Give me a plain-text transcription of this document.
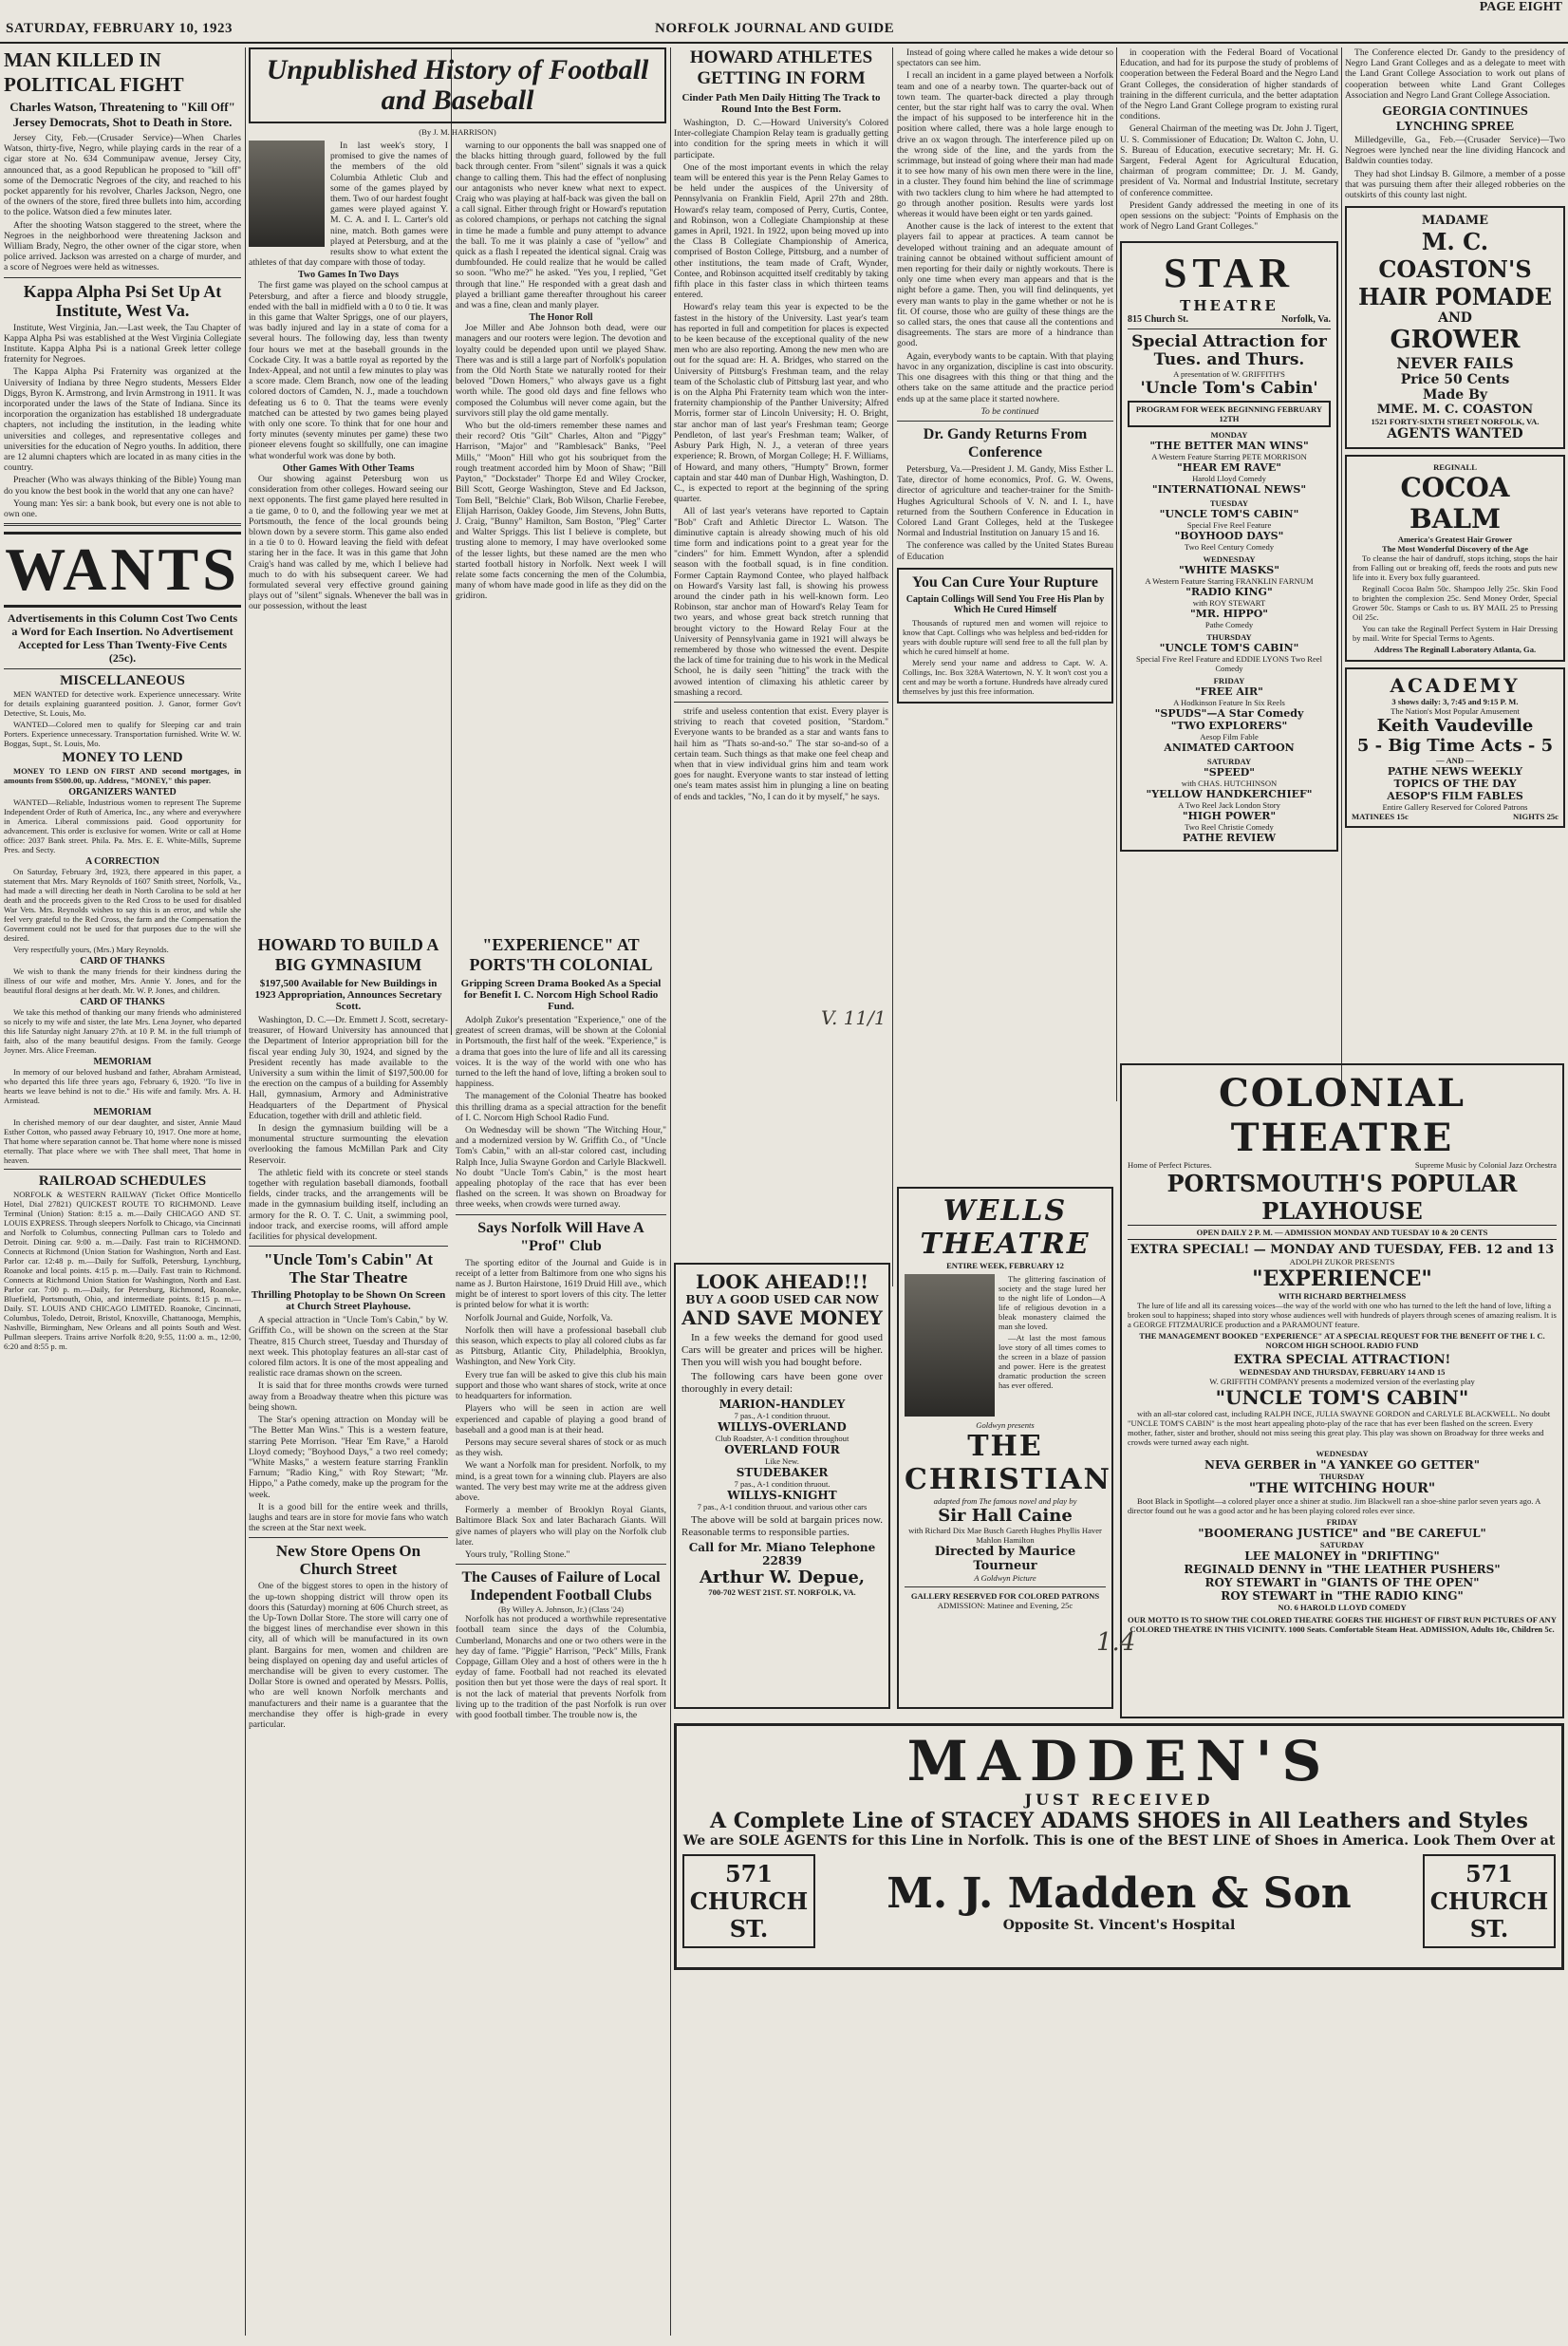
SATURDAY, FEBRUARY 10, 1923	NORFOLK JOURNAL AND GUIDE
PAGE EIGHT
MAN KILLED IN POLITICAL FIGHT
Charles Watson, Threatening to "Kill Off" Jersey Democrats, Shot to Death in Store.

Jersey City, Feb.—(Crusader Service)—When Charles Watson, thirty-five, Negro, while playing cards in the rear of a cigar store at No. 634 Communipaw avenue, Jersey City, announced that, as a good Republican he proposed to "kill off" some of the Democratic Negroes of the city, and reached to his pocket apparently for his revolver, Charles Jackson, Negro, one of the owners of the store, fired three bullets into him, according to the police. Watson died a few minutes later.

After the shooting Watson staggered to the street, where the Negroes in the neighborhood were threatening Jackson and William Brady, Negro, the other owner of the cigar store, when police arrived. Jackson was arrested on a charge of murder, and a score of Negroes were held as witnesses.

Kappa Alpha Psi Set Up At Institute, West Va.

Institute, West Virginia, Jan.—Last week, the Tau Chapter of Kappa Alpha Psi was established at the West Virginia Collegiate Institute. Kappa Alpha Psi is a national Greek letter college fraternity for Negroes.

The Kappa Alpha Psi Fraternity was organized at the University of Indiana by three Negro students, Messers Elder Diggs, Byron K. Armstrong, and Irvin Armstrong in 1911. It was incorporated under the laws of the State of Indiana. Since its incorporation the organization has established 18 undergraduate chapters, not including the institution, in the leading white universities and colleges, and representative colleges and universities for the education of Negro youths. In addition, there are 12 alumni chapters which are located in as many cities in the country.

Preacher (Who was always thinking of the Bible) Young man do you know the best book in the world that any one can have?

Young man: Yes sir: a bank book, but every one is not able to own one.

WANTS
Advertisements in this Column Cost Two Cents a Word for Each Insertion. No Advertisement Accepted for Less Than Twenty-Five Cents (25c).
MISCELLANEOUS

MEN WANTED for detective work. Experience unnecessary. Write for details explaining guaranteed position. J. Ganor, former Gov't Detective, St. Louis, Mo.

WANTED—Colored men to qualify for Sleeping car and train Porters. Experience unnecessary. Transportation furnished. Write W. W. Boggas, Supt., St. Louis, Mo.

MONEY TO LEND

MONEY TO LEND ON FIRST AND second mortgages, in amounts from $500.00, up. Address, "MONEY," this paper.

ORGANIZERS WANTED

WANTED—Reliable, Industrious women to represent The Supreme Independent Order of Ruth of America, Inc., any where and everywhere in America. Liberal commissions paid. Good opportunity for advancement. This order is exclusive for women. Write or call at Home office: 2037 Bank street. Phila. Pa. Mrs. E. E. White-Mills, Supreme Pres. and Secty.

A CORRECTION

On Saturday, February 3rd, 1923, there appeared in this paper, a statement that Mrs. Mary Reynolds of 1607 Smith street, Norfolk, Va., had made a will directing her death in North Carolina to be sold at her death and the proceeds given to the Red Cross to be used for disabled War Vets. Mrs. Reynolds wishes to say this is an error, and while she feel very grateful to the Red Cross, the farm and the Compensation the Government could not be used for that purposes due to the will she desired.

Very respectfully yours, (Mrs.) Mary Reynolds.

CARD OF THANKS

We wish to thank the many friends for their kindness during the illness of our wife and mother, Mrs. Annie Y. Jones, and for the beautiful floral designs at her death. Mr. W. P. Jones, and children.

CARD OF THANKS

We take this method of thanking our many friends who administered so nicely to my wife and sister, the late Mrs. Lena Joyner, who departed this life Saturday night January 27th. at 10 P. M. in the full triumph of faith, also of the many beautiful designs. From the family. George Joyner. Mrs. Alice Freeman.

MEMORIAM

In memory of our beloved husband and father, Abraham Armistead, who departed this life three years ago, February 6, 1920. "To live in hearts we leave behind is not to die." His wife and family. Mrs. A. H. Armistead.

MEMORIAM

In cherished memory of our dear daughter, and sister, Annie Maud Esther Cotton, who passed away February 10, 1917. One more at home, That home where separation cannot be. That home where none is missed eternally. That place where we with Thee shall meet, That home in heaven.

RAILROAD SCHEDULES

NORFOLK & WESTERN RAILWAY (Ticket Office Monticello Hotel, Dial 27821) QUICKEST ROUTE TO RICHMOND. Leave Terminal (Union) Station: 8:15 a. m.—Daily CHICAGO AND ST. LOUIS EXPRESS. Through sleepers Norfolk to Chicago, via Cincinnati and Norfolk to Columbus, connecting Pullman cars to Toledo and Detroit. Dining car. 9:00 a. m.—Daily. Fast train to RICHMOND. Connects at Richmond (Union Station for Washington, North and East. Parlor car. 12:48 p. m.—Daily for Suffolk, Petersburg, Lynchburg, Roanoke and local points. 4:15 p. m.—Daily. Fast train to Richmond. Connects at Richmond Union Station for Washington, North and East. Parlor car. 7:00 p. m.—Daily, for Petersburg, Richmond, Roanoke, Bluefield, Portsmouth, Ohio, and intermediate points. 8:15 p. m.—Daily. ST. LOUIS AND CHICAGO LIMITED. Roanoke, Cincinnati, Columbus, Toledo, Detroit, Bristol, Knoxville, Chattanooga, Memphis, Nashville, Birmingham, New Orleans and all points South and West. Pullman sleepers. Trains arrive Norfolk 8:20, 9:55, 11:00 a. m., 12:00, 6:20 and 8:55 p. m.

Unpublished History of Football and Baseball
(By J. M. HARRISON)

In last week's story, I promised to give the names of the members of the old Columbia Athletic Club and some of the games played by them. Two of our hardest fought games were played against Y. M. C. A. and I. L. Carter's old nine, match. Both games were played at Petersburg, and at the results show to what extent the athletes of that day compare with those of today.

Two Games In Two Days

The first game was played on the school campus at Petersburg, and after a fierce and bloody struggle, ended with the ball in midfield with a 0 to 0 tie. It was in this game that Walter Spriggs, one of our players, was badly injured and lay in a state of coma for a several hours. The following day, less than twenty four hours we met at the baseball grounds in the Cockade City. It was a battle royal as reported by the Index-Appeal, and not until a few minutes to play was a score made. Clem Branch, now one of the leading colored doctors of Camden, N. J., made a touchdown defeating us 6 to 0. That the teams were evenly matched can be attested by two games being played with only one score. To think that for one hour and forty minutes (seventy minutes per game) these two pioneer elevens fought so skillfully, one can imagine what wonderful work was done by both.

Other Games With Other Teams

Our showing against Petersburg won us consideration from other colleges. Howard seeing our next opponents. The first game played here resulted in a tie game, 0 to 0, and the following year we met at Portsmouth, the fence of the local grounds being blown down by a severe storm. This game also ended in a tie 0 to 0. Howard leaving the field with defeat staring her in the face. It was in this game that John Craig's hand was called by me, which I believe had much to do with his subsequent career. We had formulated several very effective ground gaining plays out of "silent" signals. Whenever the ball was in our possession, without the least

warning to our opponents the ball was snapped one of the blacks hitting through guard, followed by the full back through center. From "silent" signals it was a quick change to calling them. This had the effect of nonplusing our antagonists who never knew what next to expect. Craig who was playing at half-back was given the ball on a call signal. Either through fright or Howard's reputation as colored champions, or perhaps not catching the signal in time he made a fumble and puny attempt to advance the ball. To me it was plainly a case of "yellow" and quick as a flash I repeated the identical signal. Craig was dumbfounded. He could realize that he would be called so soon. "Who me?" he asked. "Yes you, I replied, "Get through that line." He responded with a great dash and played a brilliant game thereafter throughout his career and was a fine, clean and manly player.

The Honor Roll

Joe Miller and Abe Johnson both dead, were our managers and our rooters were legion. The devotion and loyalty could be depended upon until we played Shaw. There was and is still a large part of Norfolk's population from the Old North State we naturally rooted for their beloved "Down Homers," who always gave us a fight worth while. The good old days and fine fellows who composed the Columbus will never come again, but the survivors still play the old game mentally.

Who but the old-timers remember these names and their record? Otis "Gilt" Charles, Alton and "Piggy" Harrison, "Major" and "Ramblesack" Banks, "Peel Mills," "Moon" Hill who got his soubriquet from the rough treatment accorded him by Moon of Shaw; "Bill Payton," "Dockstader" Thorpe Ed and Wiley Crocker, Bill Scott, George Washington, Steve and Ed Jackson, Tom Bell, "Belchie" Clark, Bob Wilson, Charlie Ferebee, Elijah Harrison, Oakley Goode, Jim Stevens, John Butts, J. Craig, "Bunny" Hamilton, Sam Boston, "Pleg" Carter and Walter Spriggs. This list I believe is complete, but trusting alone to memory, I may have overlooked some of the lesser lights, but these named are the men who started football history in Norfolk. Next week I will relate some facts concerning the men of the Columbia, many of whom have made good in life as they did on the gridiron.

HOWARD TO BUILD A BIG GYMNASIUM
$197,500 Available for New Buildings in 1923 Appropriation, Announces Secretary Scott.

Washington, D. C.—Dr. Emmett J. Scott, secretary-treasurer, of Howard University has announced that the Department of Interior appropriation bill for the fiscal year ending July 30, 1924, and signed by the President recently has made available to the University a sum within the limit of $197,500.00 for the erection on the campus of a building for Assembly Hall, gymnasium, Armory and Administrative Headquarters of the Department of Physical Education, together with drill and athletic field.

In design the gymnasium building will be a monumental structure surmounting the elevation overlooking the famous McMillan Park and City Reservoir.

The athletic field with its concrete or steel stands together with regulation baseball diamonds, football fields, cinder tracks, and the arrangements will be made in the gymnasium building itself, including an armory for the R. O. T. C. Unit, a swimming pool, indoor track, and exercise rooms, will afford ample facilities for physical development.

"Uncle Tom's Cabin" At The Star Theatre
Thrilling Photoplay to be Shown On Screen at Church Street Playhouse.

A special attraction in "Uncle Tom's Cabin," by W. Griffith Co., will be shown on the screen at the Star Theatre, 815 Church street, Tuesday and Thursday of next week. This photoplay features an all-star cast of colored film actors. It is one of the most appealing and realistic race dramas shown on the screen.

It is said that for three months crowds were turned away from a Broadway theatre when this picture was being shown.

The Star's opening attraction on Monday will be "The Better Man Wins." This is a western feature, starring Pete Morrison. "Hear 'Em Rave," a Harold Lloyd comedy; "Boyhood Days," a two reel comedy; "White Masks," a western feature starring Franklin Farnum; "Radio King," with Roy Stewart; "Mr. Hippo," a Pathe comedy, make up the program for the week.

It is a good bill for the entire week and thrills, laughs and tears are in store for movie fans who watch the screen at the Star next week.

New Store Opens On Church Street

One of the biggest stores to open in the history of the up-town shopping district will throw open its doors this (Saturday) morning at 606 Church street, as the Up-Town Dollar Store. The store will carry one of the biggest lines of merchandise ever shown in this city, all of which will be manufactured in its own plant. Bargains for men, women and children are being displayed on opening day and useful articles of merchandise will be given to every customer. The Dollar Store is owned and operated by Messrs. Pollis, who are well known Norfolk merchants and manufacturers and their name is a guarantee that the merchandise they offer is high-grade in every particular.

"EXPERIENCE" AT PORTS'TH COLONIAL
Gripping Screen Drama Booked As a Special for Benefit I. C. Norcom High School Radio Fund.

Adolph Zukor's presentation "Experience," one of the greatest of screen dramas, will be shown at the Colonial in Portsmouth, the first half of the week. "Experience," is a drama that goes into the lure of life and all its caressing voices. It is the way of the world with one who has turned to the left the hand of love, lifting a broken soul to happiness.

The management of the Colonial Theatre has booked this thrilling drama as a special attraction for the benefit of I. C. Norcom High School Radio Fund.

On Wednesday will be shown "The Witching Hour," and a modernized version by W. Griffith Co., of "Uncle Tom's Cabin," with an all-star colored cast, including Ralph Ince, Julia Swayne Gordon and Carlyle Blackwell. No doubt "Uncle Tom's Cabin," is the most heart appealing photoplay of the race that has ever been flashed on the screen. It was shown on Broadway for three weeks, when crowds were turned away.

Says Norfolk Will Have A "Prof" Club

The sporting editor of the Journal and Guide is in receipt of a letter from Baltimore from one who signs his name as J. Burton Hairstone, 1619 Druid Hill ave., which might be of interest to sport lovers of this city. The letter is printed below for what it is worth:

Norfolk Journal and Guide, Norfolk, Va.

Norfolk then will have a professional baseball club this season, which expects to play all colored clubs as far as Pittsburg, Atlantic City, Philadelphia, Brooklyn, Washington, and New York City.

Every true fan will be asked to give this club his main support and those who want shares of stock, write at once to headquarters for information.

Players who will be seen in action are well experienced and capable of playing a good brand of baseball and a good man is at their head.

Persons may secure several shares of stock or as much as they wish.

We want a Norfolk man for president. Norfolk, to my mind, is a great town for a winning club. Players are also wanted. The very best may write me at the address given above.

Formerly a member of Brooklyn Royal Giants, Baltimore Black Sox and later Bacharach Giants. Will give names of players who will play on the Norfolk club later.

Yours truly, "Rolling Stone."

The Causes of Failure of Local Independent Football Clubs
(By Willey A. Johnson, Jr.) (Class '24)

Norfolk has not produced a worthwhile representative football team since the days of the Columbia, Cumberland, Monarchs and one or two others were in the hey day of fame. "Piggie" Harrison, "Peck" Mills, Frank Coppage, Gillam Oley and a host of others were in the h eyday of fame. Football had not reached its elevated position then but yet those were the days of real sport. It is not the lack of material that prevents Norfolk from living up to the tradition of the past Norfolk is run over with good football timber. The trouble now is, the

HOWARD ATHLETES GETTING IN FORM
Cinder Path Men Daily Hitting The Track to Round Into the Best Form.

Washington, D. C.—Howard University's Colored Inter-collegiate Champion Relay team is gradually getting into condition for the spring meets in which it will participate.

One of the most important events in which the relay team will be entered this year is the Penn Relay Games to be held under the auspices of the University of Pennsylvania on Franklin Field, April 27th and 28th. Howard's relay team, composed of Perry, Curtis, Contee, and Robinson, won a Collegiate Championship at these games in April, 1921. In 1922, upon being moved up into the Class B Collegiate Championship of America, comprised of Boston College, Pittsburg, and a number of other institutions, the team made of Craft, Wynder, Contee, and Robinson acquitted itself creditably by taking fifth place in this faster class in which thirteen teams entered.

Howard's relay team this year is expected to be the fastest in the history of the University. Last year's team has reported in full and competition for places is expected to be keen because of the exceptional quality of the new men who are also reporting. Among the new men who are out for the squad are: H. A. Bridges, who starred on the University of Pittsburg's Freshman team, and the relay team of the Scholastic club of Pittsburg last year, and who is on the Alpha Phi Fraternity team which won the inter-fraternity championship of the Panther University; Alfred Morris, former star of Lincoln University; H. O. Bright, star anchor man of last year's Freshman team; George Pendleton, of last year's Freshman team; Walker, of Asbury Park High, N. J., a veteran of three years experience; R. Brown, of Morgan College; H. F. Williams, of Howard, and many others, "Humpty" Brown, former captain and star 440 man of Dunbar High, Washington, D. C., is expected to report at the beginning of the spring quarter.

All of last year's veterans have reported to Captain "Bob" Craft and Athletic Director L. Watson. The diminutive captain is already showing much of his old time form and indications point to a great year for the "cinders" for him. Emmett Wyndon, after a splendid season with the football squad, is in fine condition. Former Captain Raymond Contee, who played halfback on Howard's Varsity last fall, is showing his prowess around the cinder path in his well-known form. Leo Robinson, star anchor man of Howard's Relay Team for two years, and whose great back stretch running that brought victory to the Howard Relay Four at the University of Pennsylvania game in 1921 will always be remembered by those who witnessed the event. Despite the lack of time for training due to his work in the Medical School, he is daily seen "hitting" the track with the avowed intention of climaxing his athletic career by smashing a record.

strife and useless contention that exist. Every player is striving to reach that coveted position, "Stardom." Everyone wants to be branded as a star and wants fans to hail him as "Thats so-and-so." The star so-and-so of a certain team. Such things as that make one feel cheap and when that in view individual grins him and team work goes for naught. Everyone wants to star instead of letting one's team mates assist him in plunging a line on beating of ends and tackles, "No, I can do it by myself," he says.

Instead of going where called he makes a wide detour so spectators can see him.

I recall an incident in a game played between a Norfolk team and one of a nearby town. The quarter-back out of town team. The quarter-back directed a play through center, but the star right half was to carry the oval. When the impact of his supposed to be interference hit in the position where called, there was a hole large enough to drive an ox wagon through. The interference piled up on the wrong side of the line, and the yards from the scrimmage, but instead of going where their man had made it to see how many of his own men there were in the line, in a cluster. They found him behind the line of scrimmage with two tacklers clung to him where he had attempted to go through another position. Results were yards lost whereas it would have been eight or ten yards gained.

Another cause is the lack of interest to the extent that players fail to appear at practices. A team cannot be developed without training and an adequate amount of training cannot be obtained without sufficient amount of men reporting for their daily or nightly workouts. There is only one time when every man appears and that is the night before a game. Then, you will find delinquents, yet every man wants to play in the game whether or not he is fit. Of course, those who are guilty of these things are the so called stars, the ones that cause all the contentions and disagreements. The stars are more of a hindrance than good.

Again, everybody wants to be captain. With that playing havoc in any organization, discipline is cast into obscurity. This one disagrees with this thing or that thing and the others take on the same attitude and the practice period ends up at the same place it started nowhere.

To be continued

Dr. Gandy Returns From Conference

Petersburg, Va.—President J. M. Gandy, Miss Esther L. Tate, director of home economics, Prof. G. W. Owens, director of agriculture and teacher-trainer for the Smith-Hughes Agricultural Schools of V. N. and I. I., have returned from the Southern Conference in Education in Colored Land Grant Colleges, held at the Tuskegee Normal and Industrial Institution on January 15 and 16.

The conference was called by the United States Bureau of Education

You Can Cure Your Rupture
Captain Collings Will Send You Free His Plan by Which He Cured Himself

Thousands of ruptured men and women will rejoice to know that Capt. Collings who was helpless and bed-ridden for years with double rupture will send free to all the full plan by which he cured himself at home.

Merely send your name and address to Capt. W. A. Collings, Inc. Box 328A Watertown, N. Y. It won't cost you a cent and may be worth a fortune. Hundreds have already cured themselves by just this free information.

in cooperation with the Federal Board of Vocational Education, and had for its purpose the study of problems of cooperation between the Federal Board and the Negro Land Grant Colleges, the consideration of higher standards of training in the different curricula, and the better adaptation of the Negro Land Grant College program to existing rural conditions.

General Chairman of the meeting was Dr. John J. Tigert, U. S. Commissioner of Education; Dr. Walton C. John, U. S. Bureau of Education, executive secretary; Mr. H. G. Sargent, Federal Agent for Agricultural Education, chairman of program committee; Dr. J. M. Gandy, president of Va. Normal and Industrial Institute, secretary of conference committee.

President Gandy addressed the meeting in one of its open sessions on the subject: "Points of Emphasis on the work of Negro Land Grant Colleges."

STAR
THEATRE
815 Church St.	Norfolk, Va.
Special Attraction for Tues. and Thurs.
A presentation of W. GRIFFITH'S
'Uncle Tom's Cabin'
PROGRAM FOR WEEK BEGINNING FEBRUARY 12TH
MONDAY
"THE BETTER MAN WINS"
A Western Feature Starring PETE MORRISON
"HEAR EM RAVE"
Harold Lloyd Comedy
"INTERNATIONAL NEWS"
TUESDAY
"UNCLE TOM'S CABIN"
Special Five Reel Feature
"BOYHOOD DAYS"
Two Reel Century Comedy
WEDNESDAY
"WHITE MASKS"
A Western Feature Starring FRANKLIN FARNUM
"RADIO KING"
with ROY STEWART
"MR. HIPPO"
Pathe Comedy
THURSDAY
"UNCLE TOM'S CABIN"
Special Five Reel Feature and EDDIE LYONS Two Reel Comedy
FRIDAY
"FREE AIR"
A Hodkinson Feature In Six Reels
"SPUDS"—A Star Comedy
"TWO EXPLORERS"
Aesop Film Fable
ANIMATED CARTOON
SATURDAY
"SPEED"
with CHAS. HUTCHINSON
"YELLOW HANDKERCHIEF"
A Two Reel Jack London Story
"HIGH POWER"
Two Reel Christie Comedy
PATHE REVIEW

The Conference elected Dr. Gandy to the presidency of Negro Land Grant Colleges and as a delegate to meet with the Land Grant College Association to work out plans of cooperation between white Land Grant Colleges Association and Negro Land Grant College Association.

GEORGIA CONTINUES LYNCHING SPREE

Milledgeville, Ga., Feb.—(Crusader Service)—Two Negroes were lynched near the line dividing Hancock and Baldwin counties today.

They had shot Lindsay B. Gilmore, a member of a posse that was pursuing them after their alleged robberies on the outskirts of this county last night.

MADAME
M. C. COASTON'S
HAIR POMADE
AND
GROWER
NEVER FAILS
Price 50 Cents
Made By
MME. M. C. COASTON
1521 FORTY-SIXTH STREET NORFOLK, VA.
AGENTS WANTED
REGINALL
COCOA BALM
America's Greatest Hair Grower
The Most Wonderful Discovery of the Age

To cleanse the hair of dandruff, stops itching, stops the hair from Falling out or breaking off, feeds the roots and puts new life into it. Every box fully guaranteed.

Reginall Cocoa Balm 50c. Shampoo Jelly 25c. Skin Food to brighten the complexion 25c. Send Money Order, Special Grower 50c. Stamps or Cash to us. BY MAIL 25 to Pressing Oil 25c.

You can take the Reginall Perfect System in Hair Dressing by mail. Write for Special Terms to Agents.

Address The Reginall Laboratory Atlanta, Ga.
ACADEMY
3 shows daily: 3, 7:45 and 9:15 P. M.
The Nation's Most Popular Amusement
Keith Vaudeville
5 - Big Time Acts - 5
— AND —
PATHE NEWS WEEKLY
TOPICS OF THE DAY
AESOP'S FILM FABLES
Entire Gallery Reserved for Colored Patrons
MATINEES 15c	NIGHTS 25c
LOOK AHEAD!!!
BUY A GOOD USED CAR NOW
AND SAVE MONEY

In a few weeks the demand for good used Cars will be greater and prices will be higher. Then you will wish you had bought before.

The following cars have been gone over thoroughly in every detail:

MARION-HANDLEY
7 pas., A-1 condition thruout.
WILLYS-OVERLAND
Club Roadster, A-1 condition throughout
OVERLAND FOUR
Like New.
STUDEBAKER
7 pas., A-1 condition thruout.
WILLYS-KNIGHT
7 pas., A-1 condition thruout. and various other cars

The above will be sold at bargain prices now. Reasonable terms to responsible parties.

Call for Mr. Miano Telephone 22839
Arthur W. Depue,
700-702 WEST 21ST. ST. NORFOLK, VA.
WELLS THEATRE
ENTIRE WEEK, FEBRUARY 12

The glittering fascination of society and the stage lured her to the night life of London—A life of religious devotion in a bleak monastery claimed the man she loved.

—At last the most famous love story of all times comes to the screen in a blaze of passion and power. Here is the greatest dramatic production the screen has ever offered.

Goldwyn presents
THE CHRISTIAN
adapted from The famous novel and play by
Sir Hall Caine
with Richard Dix Mae Busch Gareth Hughes Phyllis Haver Mahlon Hamilton
Directed by Maurice Tourneur
A Goldwyn Picture
GALLERY RESERVED FOR COLORED PATRONS
ADMISSION: Matinee and Evening, 25c
COLONIAL THEATRE
Home of Perfect Pictures.	Supreme Music by Colonial Jazz Orchestra
PORTSMOUTH'S POPULAR PLAYHOUSE
OPEN DAILY 2 P. M. — ADMISSION MONDAY AND TUESDAY 10 & 20 CENTS
EXTRA SPECIAL! — MONDAY AND TUESDAY, FEB. 12 and 13
ADOLPH ZUKOR PRESENTS
"EXPERIENCE"
WITH RICHARD BERTHELMESS

The lure of life and all its caressing voices—the way of the world with one who has turned to the left the hand of love, lifting a broken soul to happiness; shaped into story whose audiences well with hundreds of players through scenes of amazing realism. It is a GEORGE FITZMAURICE production and a PARAMOUNT feature.

THE MANAGEMENT BOOKED "EXPERIENCE" AT A SPECIAL REQUEST FOR THE BENEFIT OF THE I. C. NORCOM HIGH SCHOOL RADIO FUND
EXTRA SPECIAL ATTRACTION!
WEDNESDAY AND THURSDAY, FEBRUARY 14 AND 15
W. GRIFFITH COMPANY presents a modernized version of the everlasting play
"UNCLE TOM'S CABIN"

with an all-star colored cast, including RALPH INCE, JULIA SWAYNE GORDON and CARLYLE BLACKWELL. No doubt "UNCLE TOM'S CABIN" is the most heart appealing photo-play of the race that has ever been flashed on the screen. Every mother, father, sister and brother, should not miss seeing this great play. This play was shown on Broadway for three weeks and crowds were turned away each night.

WEDNESDAY
NEVA GERBER in "A YANKEE GO GETTER"
THURSDAY
"THE WITCHING HOUR"

Boot Black in Spotlight—a colored player once a shiner at studio. Jim Blackwell ran a shoe-shine parlor seven years ago. A director found out he was a good actor and he has been playing colored roles ever since.

FRIDAY
"BOOMERANG JUSTICE" and "BE CAREFUL"
SATURDAY
LEE MALONEY in "DRIFTING"
REGINALD DENNY in "THE LEATHER PUSHERS"
ROY STEWART in "GIANTS OF THE OPEN"
ROY STEWART in "THE RADIO KING"
NO. 6 HAROLD LLOYD COMEDY
OUR MOTTO IS TO SHOW THE COLORED THEATRE GOERS THE HIGHEST OF FIRST RUN PICTURES OF ANY COLORED THEATRE IN THIS VICINITY. 1000 Seats. Comfortable Steam Heat. ADMISSION, Adults 10c, Children 5c.
MADDEN'S
JUST RECEIVED
A Complete Line of STACEY ADAMS SHOES in All Leathers and Styles
We are SOLE AGENTS for this Line in Norfolk. This is one of the BEST LINE of Shoes in America. Look Them Over at
571 CHURCH ST.
M. J. Madden & Son
Opposite St. Vincent's Hospital
571 CHURCH ST.
V. 11/1
1.4
